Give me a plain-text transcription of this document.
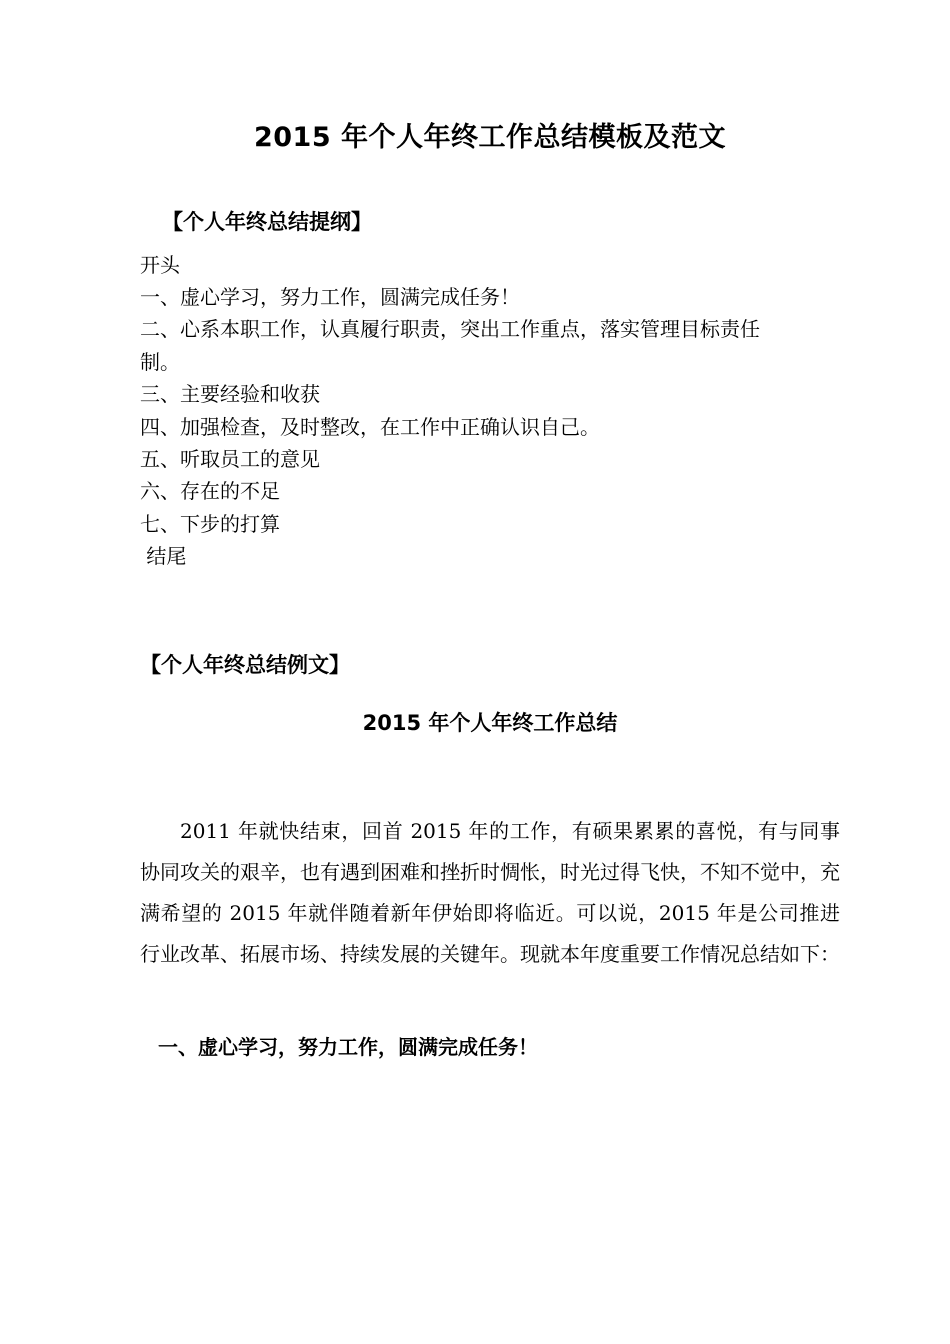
2015 年个人年终工作总结模板及范文
【个人年终总结提纲】
开头
一、虚心学习，努力工作，圆满完成任务！
二、心系本职工作，认真履行职责，突出工作重点，落实管理目标责任
制。
三、主要经验和收获
四、加强检查，及时整改，在工作中正确认识自己。
五、听取员工的意见
六、存在的不足
七、下步的打算
结尾
【个人年终总结例文】
2015 年个人年终工作总结

2011 年就快结束，回首 2015 年的工作，有硕果累累的喜悦，有与同事协同攻关的艰辛，也有遇到困难和挫折时惆怅，时光过得飞快，不知不觉中，充满希望的 2015 年就伴随着新年伊始即将临近。可以说，2015 年是公司推进行业改革、拓展市场、持续发展的关键年。现就本年度重要工作情况总结如下：

一、虚心学习，努力工作，圆满完成任务！
